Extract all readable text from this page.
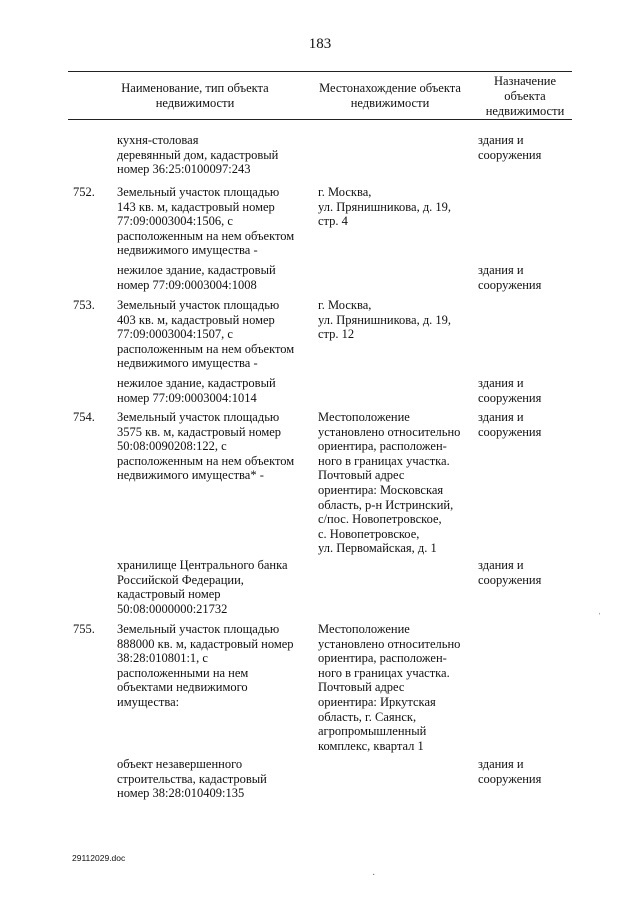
183
Наименование, тип объекта
недвижимости
Местонахождение объекта
недвижимости
Назначение
объекта
недвижимости
кухня-столовая
деревянный дом, кадастровый
номер 36:25:0100097:243
здания и
сооружения
752. Земельный участок площадью
143 кв. м, кадастровый номер
77:09:0003004:1506, с
расположенным на нем объектом
недвижимого имущества -
г. Москва,
ул. Прянишникова, д. 19,
стр. 4
нежилое здание, кадастровый
номер 77:09:0003004:1008
здания и
сооружения
753. Земельный участок площадью
403 кв. м, кадастровый номер
77:09:0003004:1507, с
расположенным на нем объектом
недвижимого имущества -
г. Москва,
ул. Прянишникова, д. 19,
стр. 12
нежилое здание, кадастровый
номер 77:09:0003004:1014
здания и
сооружения
754. Земельный участок площадью
3575 кв. м, кадастровый номер
50:08:0090208:122, с
расположенным на нем объектом
недвижимого имущества* -
Местоположение
установлено относительно
ориентира, расположен-
ного в границах участка.
Почтовый адрес
ориентира: Московская
область, р-н Истринский,
с/пос. Новопетровское,
с. Новопетровское,
ул. Первомайская, д. 1
здания и
сооружения
хранилище Центрального банка
Российской Федерации,
кадастровый номер
50:08:0000000:21732
здания и
сооружения
755. Земельный участок площадью
888000 кв. м, кадастровый номер
38:28:010801:1, с
расположенными на нем
объектами недвижимого
имущества:
Местоположение
установлено относительно
ориентира, расположен-
ного в границах участка.
Почтовый адрес
ориентира: Иркутская
область, г. Саянск,
агропромышленный
комплекс, квартал 1
объект незавершенного
строительства, кадастровый
номер 38:28:010409:135
здания и
сооружения
ˈ
·
29112029.doc
